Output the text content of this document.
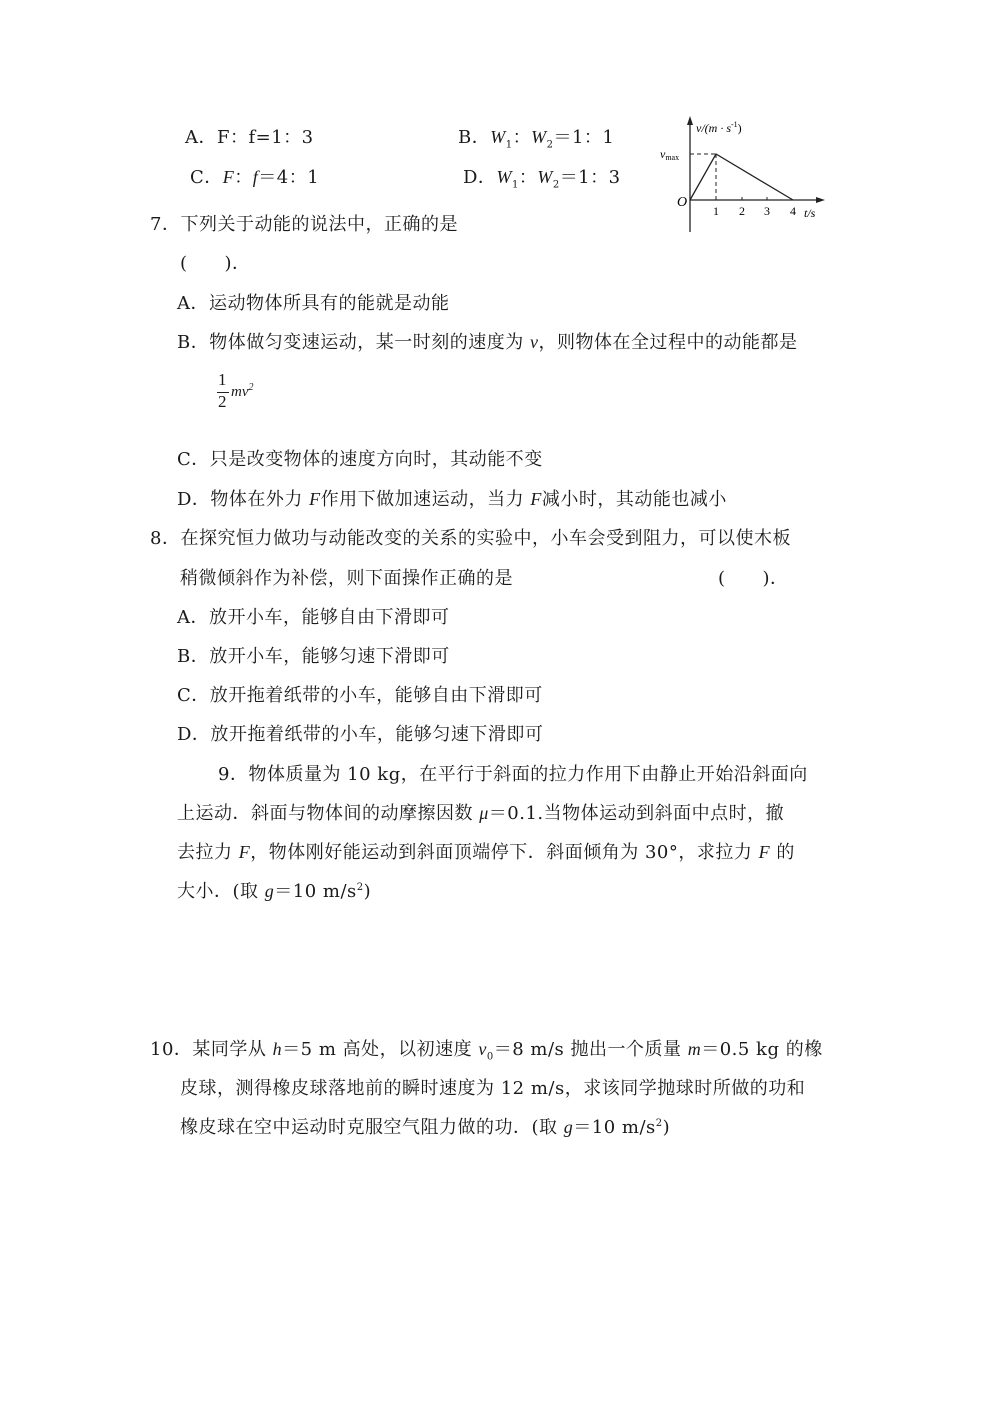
A．F：f=1：3	B．$W_1$：$W_2=1$：1
C．F：f＝4：1	D．$W_1$：$W_2=1$：3
$v/(m \cdot s^{-1})$
vmax
O
1 2 3 4 t/s
7．下列关于动能的说法中，正确的是
(　　)．
A．运动物体所具有的能就是动能
B．物体做匀变速运动，某一时刻的速度为 v，则物体在全过程中的动能都是
1
2 $mv^2$
C．只是改变物体的速度方向时，其动能不变
D．物体在外力 F作用下做加速运动，当力 F减小时，其动能也减小
8．在探究恒力做功与动能改变的关系的实验中，小车会受到阻力，可以使木板
稍微倾斜作为补偿，则下面操作正确的是	(　　)．
A．放开小车，能够自由下滑即可
B．放开小车，能够匀速下滑即可
C．放开拖着纸带的小车，能够自由下滑即可
D．放开拖着纸带的小车，能够匀速下滑即可
9．物体质量为 10 kg，在平行于斜面的拉力作用下由静止开始沿斜面向
上运动．斜面与物体间的动摩擦因数 μ＝0.1.当物体运动到斜面中点时，撤
去拉力 F，物体刚好能运动到斜面顶端停下．斜面倾角为 30°，求拉力 F 的
大小．(取 g＝10 $m/s^2$)
10．某同学从 h＝5 m 高处，以初速度 $v_0=8$ m/s 抛出一个质量 m＝0.5 kg 的橡
皮球，测得橡皮球落地前的瞬时速度为 12 m/s，求该同学抛球时所做的功和
橡皮球在空中运动时克服空气阻力做的功．(取 g＝10 $m/s^2$)
